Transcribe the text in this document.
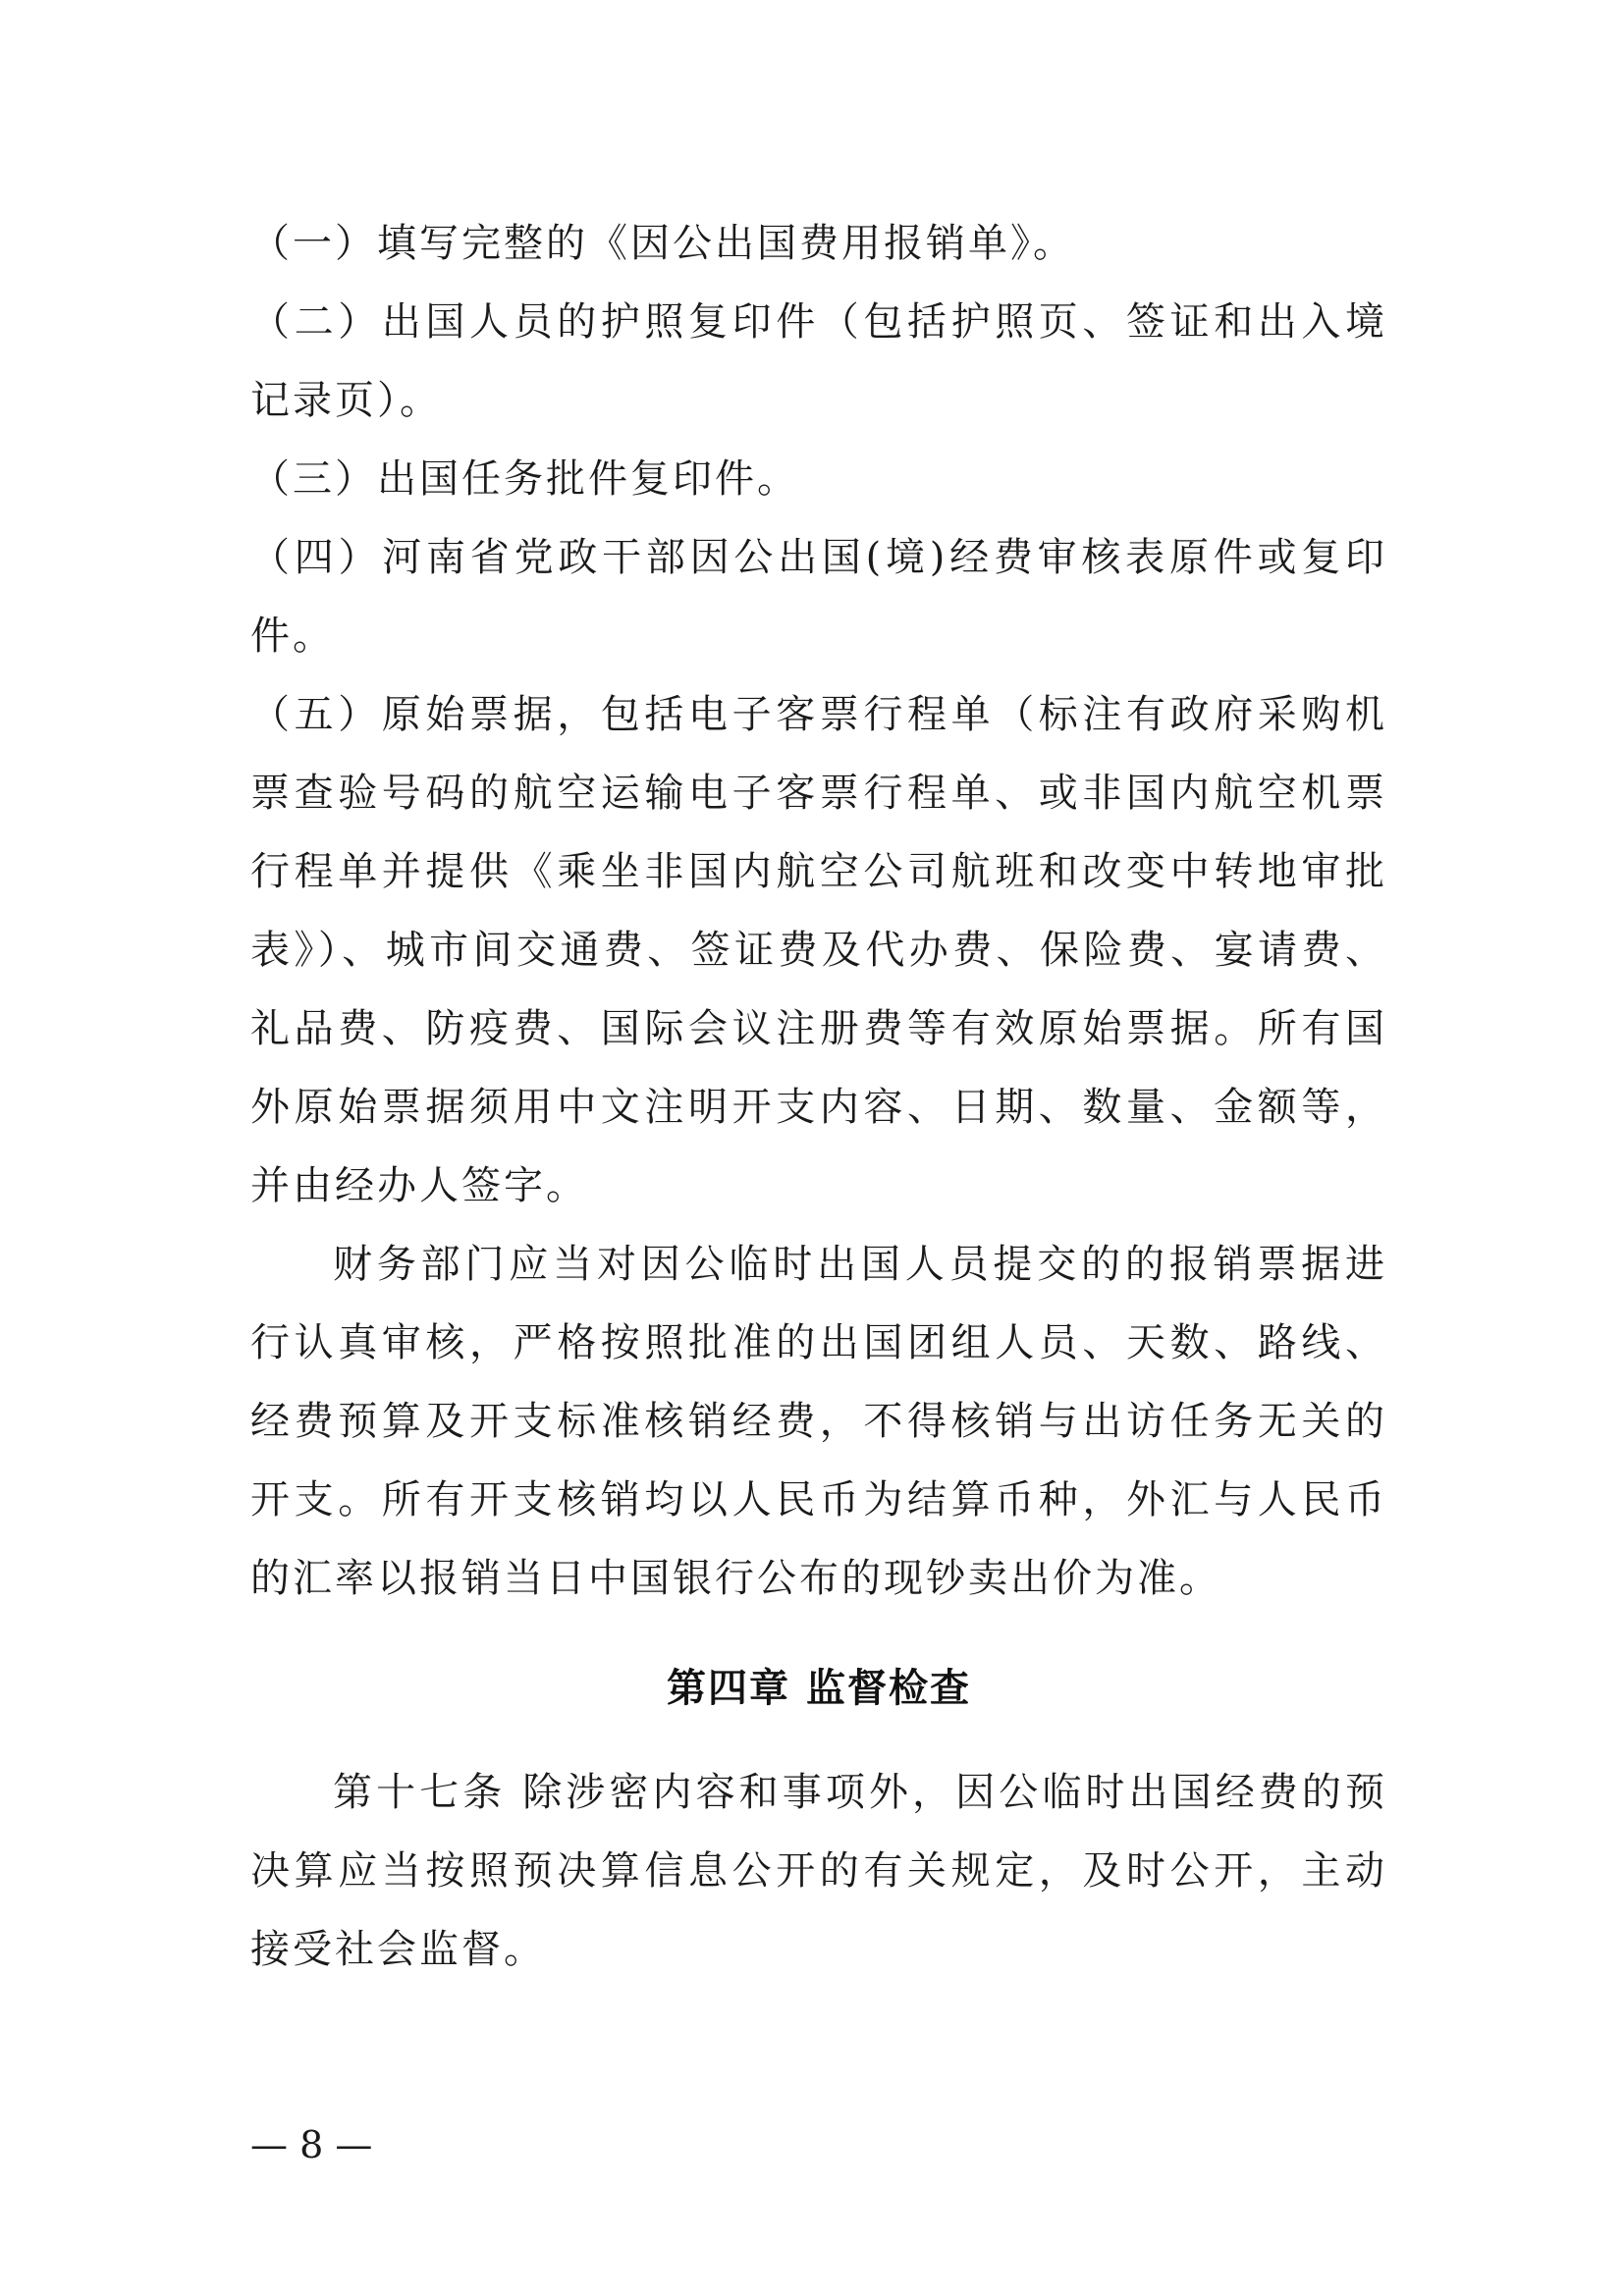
（一）填写完整的《因公出国费用报销单》。

（二）出国人员的护照复印件（包括护照页、签证和出入境记录页）。

（三）出国任务批件复印件。

（四）河南省党政干部因公出国(境)经费审核表原件或复印件。

（五）原始票据，包括电子客票行程单（标注有政府采购机票查验号码的航空运输电子客票行程单、或非国内航空机票行程单并提供《乘坐非国内航空公司航班和改变中转地审批表》）、城市间交通费、签证费及代办费、保险费、宴请费、礼品费、防疫费、国际会议注册费等有效原始票据。所有国外原始票据须用中文注明开支内容、日期、数量、金额等，并由经办人签字。

财务部门应当对因公临时出国人员提交的的报销票据进行认真审核，严格按照批准的出国团组人员、天数、路线、经费预算及开支标准核销经费，不得核销与出访任务无关的开支。所有开支核销均以人民币为结算币种，外汇与人民币的汇率以报销当日中国银行公布的现钞卖出价为准。

第四章 监督检查

第十七条 除涉密内容和事项外，因公临时出国经费的预决算应当按照预决算信息公开的有关规定，及时公开，主动接受社会监督。

— 8 —
